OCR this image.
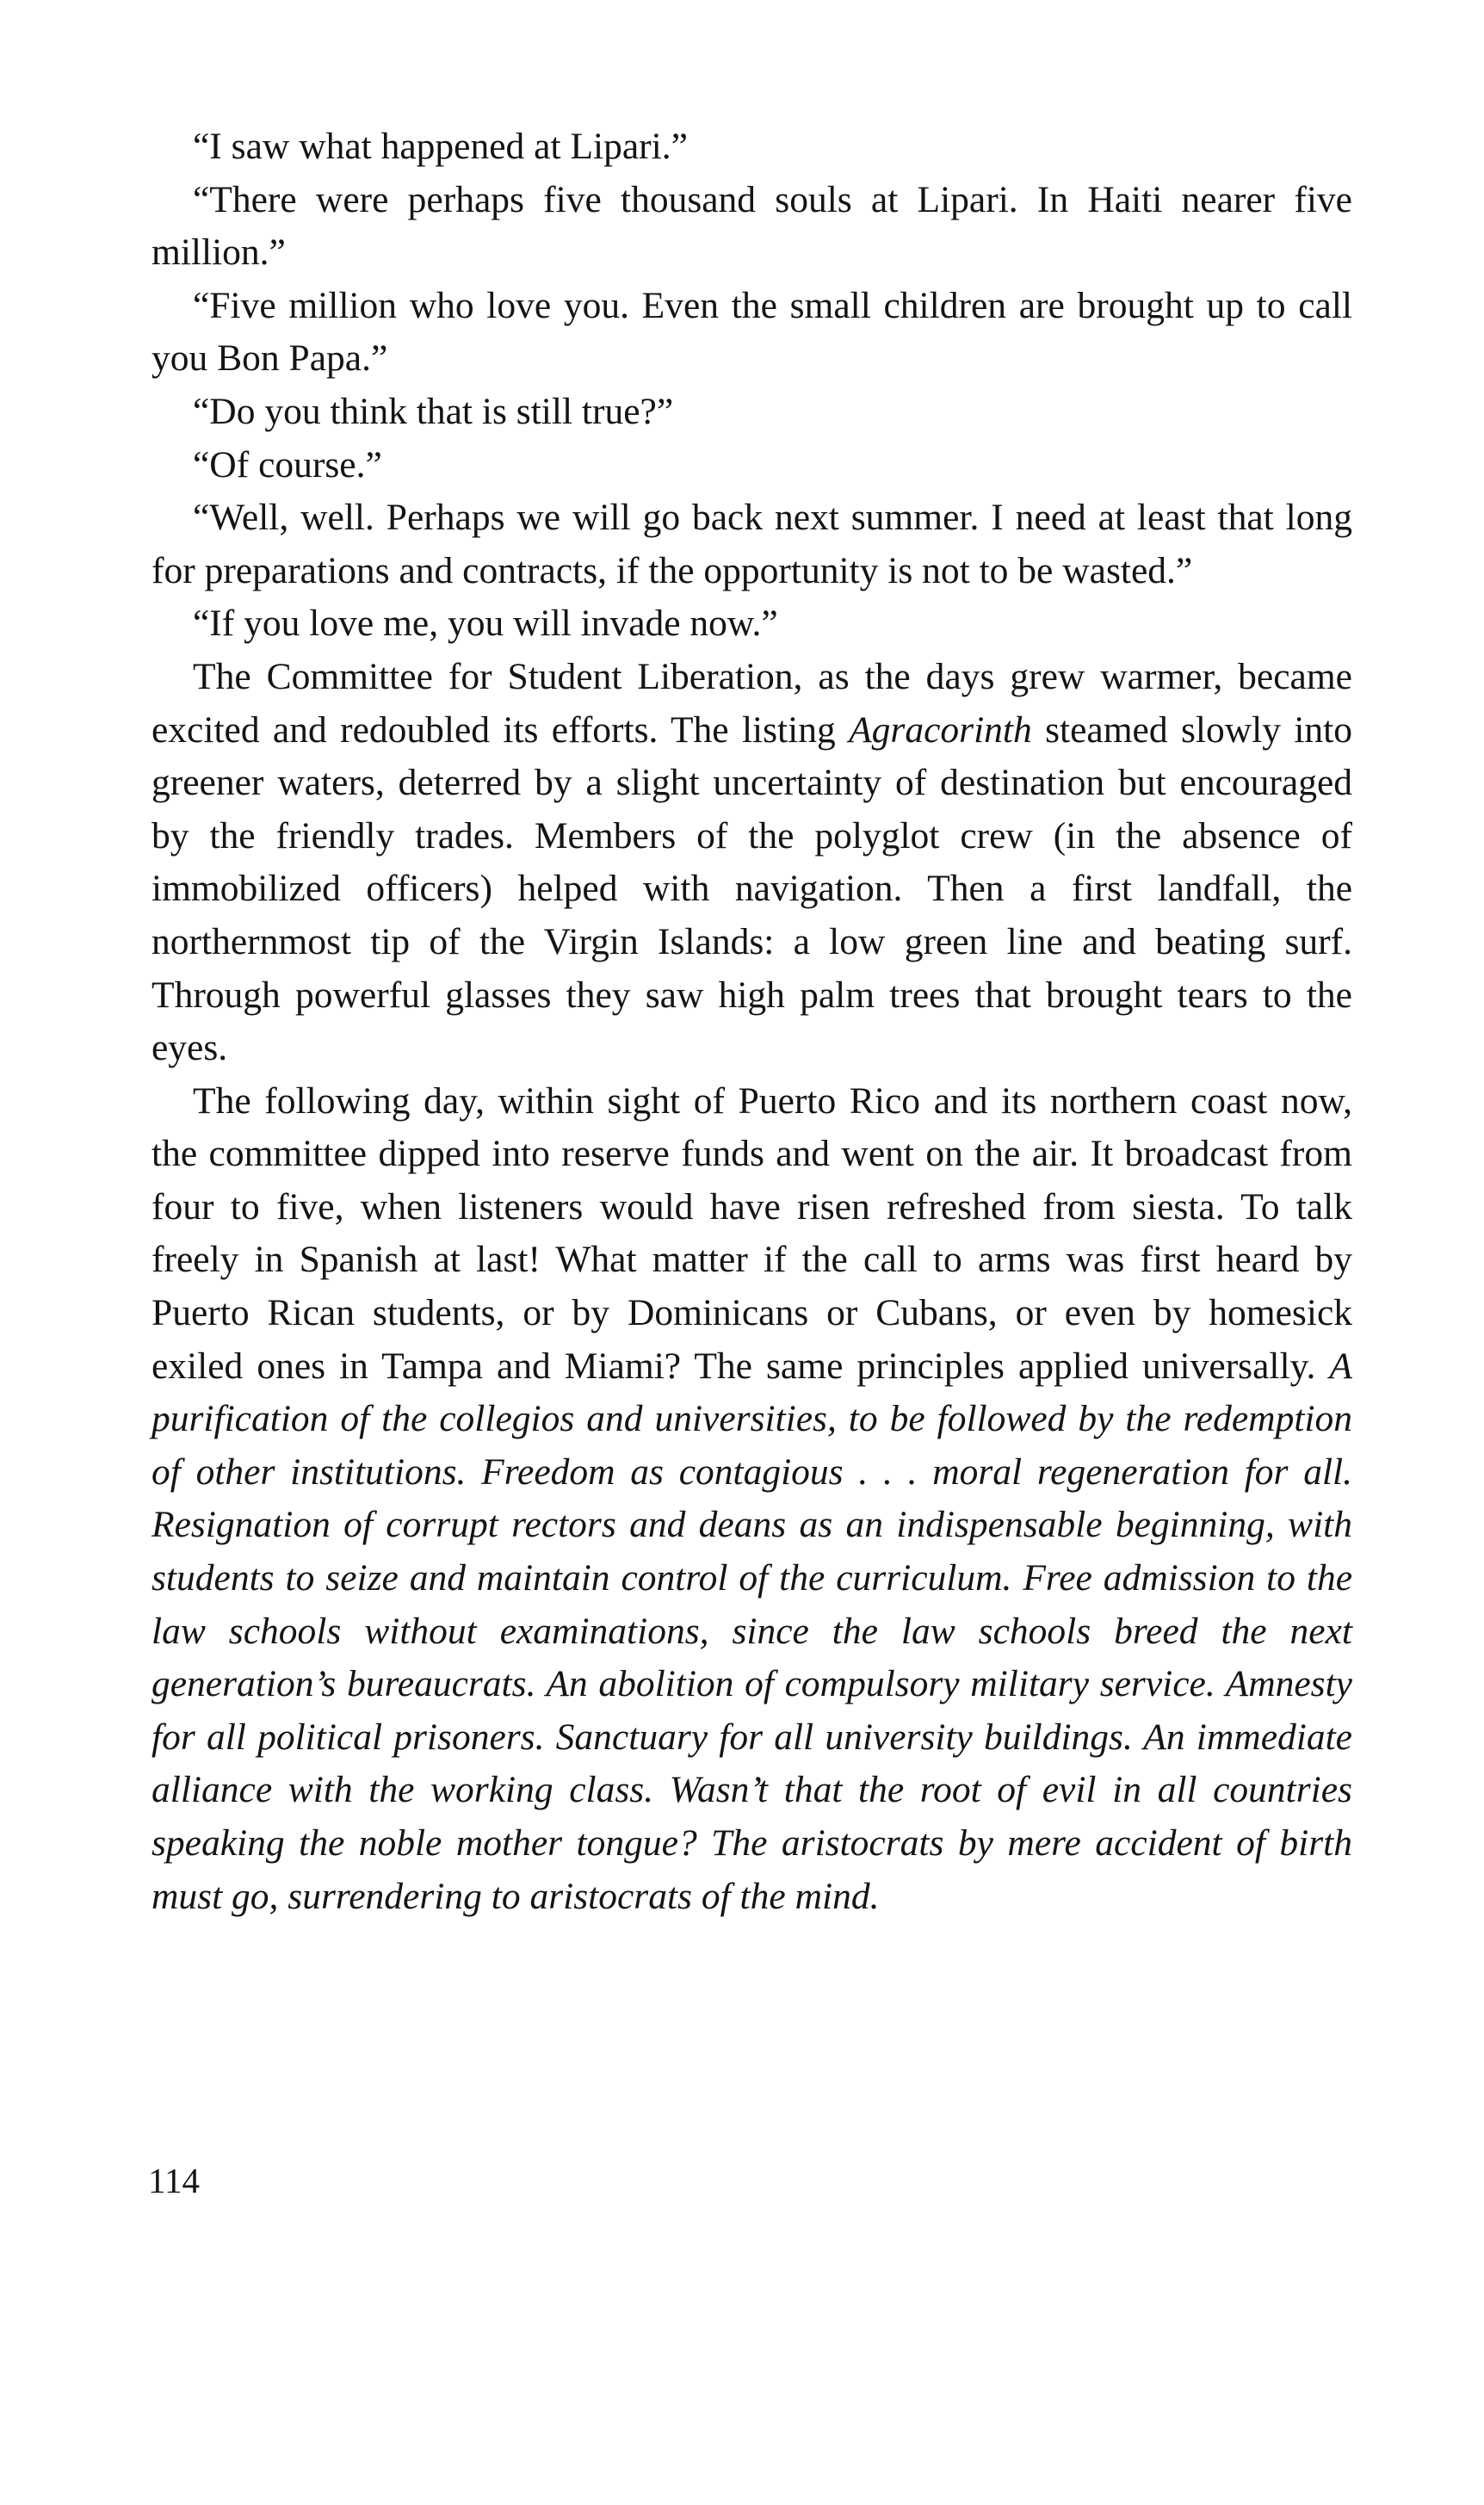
“I saw what happened at Lipari.”

“There were perhaps five thousand souls at Lipari. In Haiti nearer five million.”

“Five million who love you. Even the small children are brought up to call you Bon Papa.”

“Do you think that is still true?”

“Of course.”

“Well, well. Perhaps we will go back next summer. I need at least that long for preparations and contracts, if the opportunity is not to be wasted.”

“If you love me, you will invade now.”

The Committee for Student Liberation, as the days grew warmer, became excited and redoubled its efforts. The listing Agracorinth steamed slowly into greener waters, deterred by a slight uncertainty of destination but encouraged by the friendly trades. Members of the polyglot crew (in the absence of immobilized officers) helped with navigation. Then a first landfall, the northernmost tip of the Virgin Islands: a low green line and beating surf. Through powerful glasses they saw high palm trees that brought tears to the eyes.

The following day, within sight of Puerto Rico and its northern coast now, the committee dipped into reserve funds and went on the air. It broadcast from four to five, when listeners would have risen refreshed from siesta. To talk freely in Spanish at last! What matter if the call to arms was first heard by Puerto Rican students, or by Dominicans or Cubans, or even by homesick exiled ones in Tampa and Miami? The same principles applied universally. A purification of the collegios and universities, to be followed by the redemption of other institutions. Freedom as contagious . . . moral regeneration for all. Resignation of corrupt rectors and deans as an indispensable beginning, with students to seize and maintain control of the curriculum. Free admission to the law schools without examinations, since the law schools breed the next generation’s bureaucrats. An abolition of compulsory military service. Amnesty for all political prisoners. Sanctuary for all university buildings. An immediate alliance with the working class. Wasn’t that the root of evil in all countries speaking the noble mother tongue? The aristocrats by mere accident of birth must go, surrendering to aristocrats of the mind.

114
